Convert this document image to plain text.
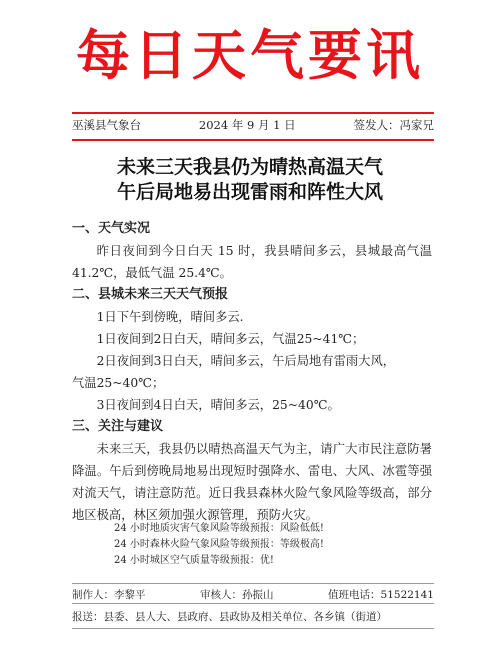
每日天气要讯
巫溪县气象台	2024 年 9 月 1 日	签发人：冯家兄
未来三天我县仍为晴热高温天气
午后局地易出现雷雨和阵性大风
一、天气实况
昨日夜间到今日白天 15 时，我县晴间多云，县城最高气温 41.2℃，最低气温 25.4℃。
二、县城未来三天天气预报
1日下午到傍晚，晴间多云.
1日夜间到2日白天，晴间多云，气温25~41℃；
2日夜间到3日白天，晴间多云，午后局地有雷雨大风，
气温25~40℃；
3日夜间到4日白天，晴间多云，25~40℃。
三、关注与建议
未来三天，我县仍以晴热高温天气为主，请广大市民注意防暑降温。午后到傍晚局地易出现短时强降水、雷电、大风、冰雹等强对流天气，请注意防范。近日我县森林火险气象风险等级高，部分地区极高，林区须加强火源管理，预防火灾。
24 小时地质灾害气象风险等级预报：风险低低!
24 小时森林火险气象风险等级预报：等级极高!
24 小时城区空气质量等级预报：优!
制作人：李黎平	审核人：孙振山	值班电话：51522141
报送：县委、县人大、县政府、县政协及相关单位、各乡镇（街道）
